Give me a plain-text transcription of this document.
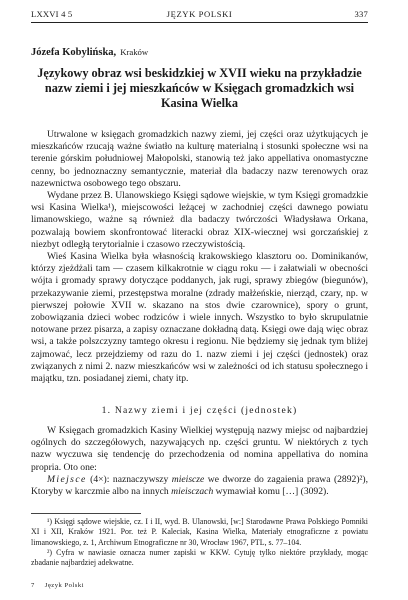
LXXVI 4 5	JĘZYK POLSKI	337
Józefa Kobylińska, Kraków
Językowy obraz wsi beskidzkiej w XVII wieku na przykładzie nazw ziemi i jej mieszkańców w Księgach gromadzkich wsi Kasina Wielka

Utrwalone w księgach gromadzkich nazwy ziemi, jej części oraz użytkujących je mieszkańców rzucają ważne światło na kulturę materialną i stosunki społeczne wsi na terenie górskim południowej Małopolski, stanowią też jako appellativa onomastyczne cenny, bo jednoznaczny semantycznie, materiał dla badaczy nazw terenowych oraz nazewnictwa osobowego tego obszaru.

Wydane przez B. Ulanowskiego Księgi sądowe wiejskie, w tym Księgi gromadzkie wsi Kasina Wielka¹), miejscowości leżącej w zachodniej części dawnego powiatu limanowskiego, ważne są również dla badaczy twórczości Władysława Orkana, pozwalają bowiem skonfrontować literacki obraz XIX-wiecznej wsi gorczańskiej z niezbyt odległą terytorialnie i czasowo rzeczywistością.

Wieś Kasina Wielka była własnością krakowskiego klasztoru oo. Dominikanów, którzy zjeżdżali tam — czasem kilkakrotnie w ciągu roku — i załatwiali w obecności wójta i gromady sprawy dotyczące poddanych, jak rugi, sprawy zbiegów (biegunów), przekazywanie ziemi, przestępstwa moralne (zdrady małżeńskie, nierząd, czary, np. w pierwszej połowie XVII w. skazano na stos dwie czarownice), spory o grunt, zobowiązania dzieci wobec rodziców i wiele innych. Wszystko to było skrupulatnie notowane przez pisarza, a zapisy oznaczane dokładną datą. Księgi owe dają więc obraz wsi, a także polszczyzny tamtego okresu i regionu. Nie będziemy się jednak tym bliżej zajmować, lecz przejdziemy od razu do 1. nazw ziemi i jej części (jednostek) oraz związanych z nimi 2. nazw mieszkańców wsi w zależności od ich statusu społecznego i majątku, tzn. posiadanej ziemi, chaty itp.

1. Nazwy ziemi i jej części (jednostek)

W Księgach gromadzkich Kasiny Wielkiej występują nazwy miejsc od najbardziej ogólnych do szczegółowych, nazywających np. części gruntu. W niektórych z tych nazw wyczuwa się tendencję do przechodzenia od nomina appellativa do nomina propria. Oto one:

Miejsce (4×): naznaczywszy mieiscze we dworze do zagaienia prawa (2892)²), Ktoryby w karczmie albo na innych mieisczach wymawiał komu […] (3092).

¹) Księgi sądowe wiejskie, cz. I i II, wyd. B. Ulanowski, [w:] Starodawne Prawa Polskiego Pomniki XI i XII, Kraków 1921. Por. też P. Kaleciak, Kasina Wielka, Materiały etnograficzne z powiatu limanowskiego, z. 1, Archiwum Etnograficzne nr 30, Wrocław 1967, PTL, s. 77–104.

²) Cyfra w nawiasie oznacza numer zapiski w KKW. Cytuję tylko niektóre przykłady, mogąc zbadanie najbardziej adekwatne.

7 Język Polski
